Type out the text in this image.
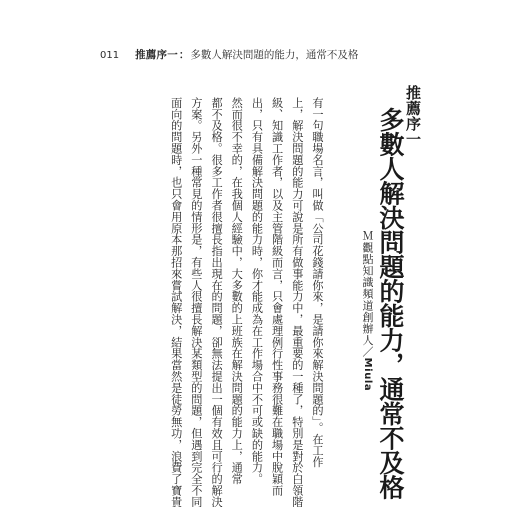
011 推薦序一 ： 多數人解決問題的能力，通常不及格
推薦序一
多數人解決問題的能力，通常不及格
Ｍ觀點知識頻道創辦人／Miula
有一句職場名言，叫做「公司花錢請你來，是請你來解決問題的」。在工作
上，解決問題的能力可說是所有做事能力中，最重要的一種了，特別是對於白領階
級、知識工作者，以及主管階級而言，只會處理例行性事務很難在職場中脫穎而
出，只有具備解決問題的能力時，你才能成為在工作場合中不可或缺的能力。
然而很不幸的，在我個人經驗中，大多數的上班族在解決問題的能力上，通常
都不及格。很多工作者很擅長指出現在的問題，卻無法提出一個有效且可行的解決
方案。另外一種常見的情形是，有些人很擅長解決某類型的問題，但遇到完全不同
面向的問題時，也只會用原本那招來嘗試解決，結果當然是徒勞無功，浪費了寶貴
